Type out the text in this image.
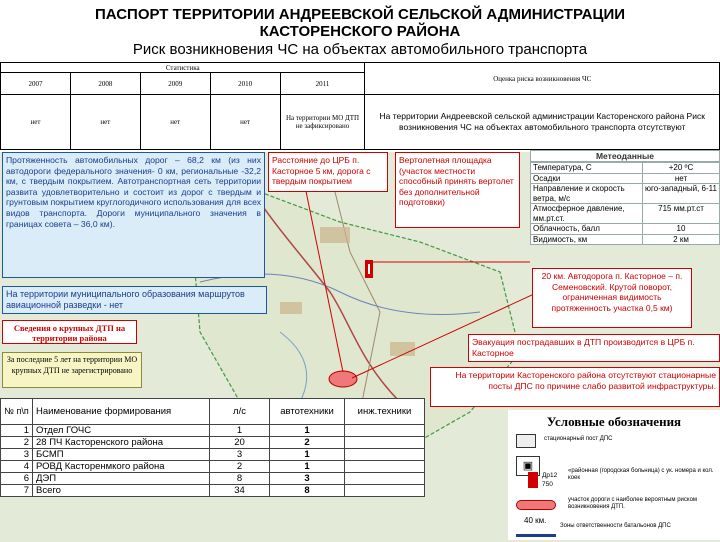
ПАСПОРТ ТЕРРИТОРИИ АНДРЕЕВСКОЙ СЕЛЬСКОЙ АДМИНИСТРАЦИИ
КАСТОРЕНСКОГО РАЙОНА
Риск возникновения ЧС на объектах автомобильного транспорта
Статистика					Оценка риска возникновения ЧС
2007	2008	2009	2010	2011	
нет	нет	нет	нет	На территории МО ДТП не зафиксировано	На территории Андреевской сельской администрации Касторенского района Риск возникновения ЧС на объектах автомобильного транспорта отсутствуют
Протяженность автомобильных дорог – 68,2 км (из них автодороги федерального значения- 0 км, региональные -32,2 км, с твердым покрытием. Автотранспортная сеть территории развита удовлетворительно и состоит из дорог с твердым и грунтовым покрытием круглогодичного использования для всех видов транспорта. Дороги муниципального значения в границах совета – 36,0 км).
Расстояние до ЦРБ п. Касторное 5 км, дорога с твердым покрытием
Вертолетная площадка (участок местности способный принять вертолет без дополнительной подготовки)
Метеоданные
Температура, С	+20 ºС
Осадки	нет
Направление и скорость ветра, м/с	юго-западный, 6-11
Атмосферное давление, мм.рт.ст.	715 мм.рт.ст
Облачность, балл	10
Видимость, км	2 км
На территории муниципального образования маршрутов авиационной разведки - нет
20 км. Автодорога п. Касторное – п. Семеновский. Крутой поворот, ограниченная видимость протяженность участка 0,5 км)
Сведения о крупных ДТП на территории района
За последние 5 лет на территории МО крупных ДТП не зарегистрировано
Эвакуация пострадавших в ДТП производится в ЦРБ п. Касторное
На территории Касторенского района отсутствуют стационарные посты ДПС по причине слабо развитой инфраструктуры.
№ п\п	Наименование формирования	л/с	автотехники	инж.техники
1	Отдел ГОЧС	1	1	
2	28 ПЧ Касторенского района	20	2	
3	БСМП	3	1	
4	РОВД Касторенмкого района	2	1	
6	ДЭП	8	3	
7	Всего	34	8	
Условные обозначения
стационарный пост ДПС
▣
Др12
750
«районная (городская больница) с ук. номера и кол. коек
участок дороги с наиболее вероятным риском возникновения ДТП.
40 км.
Зоны ответственности батальонов ДПС
